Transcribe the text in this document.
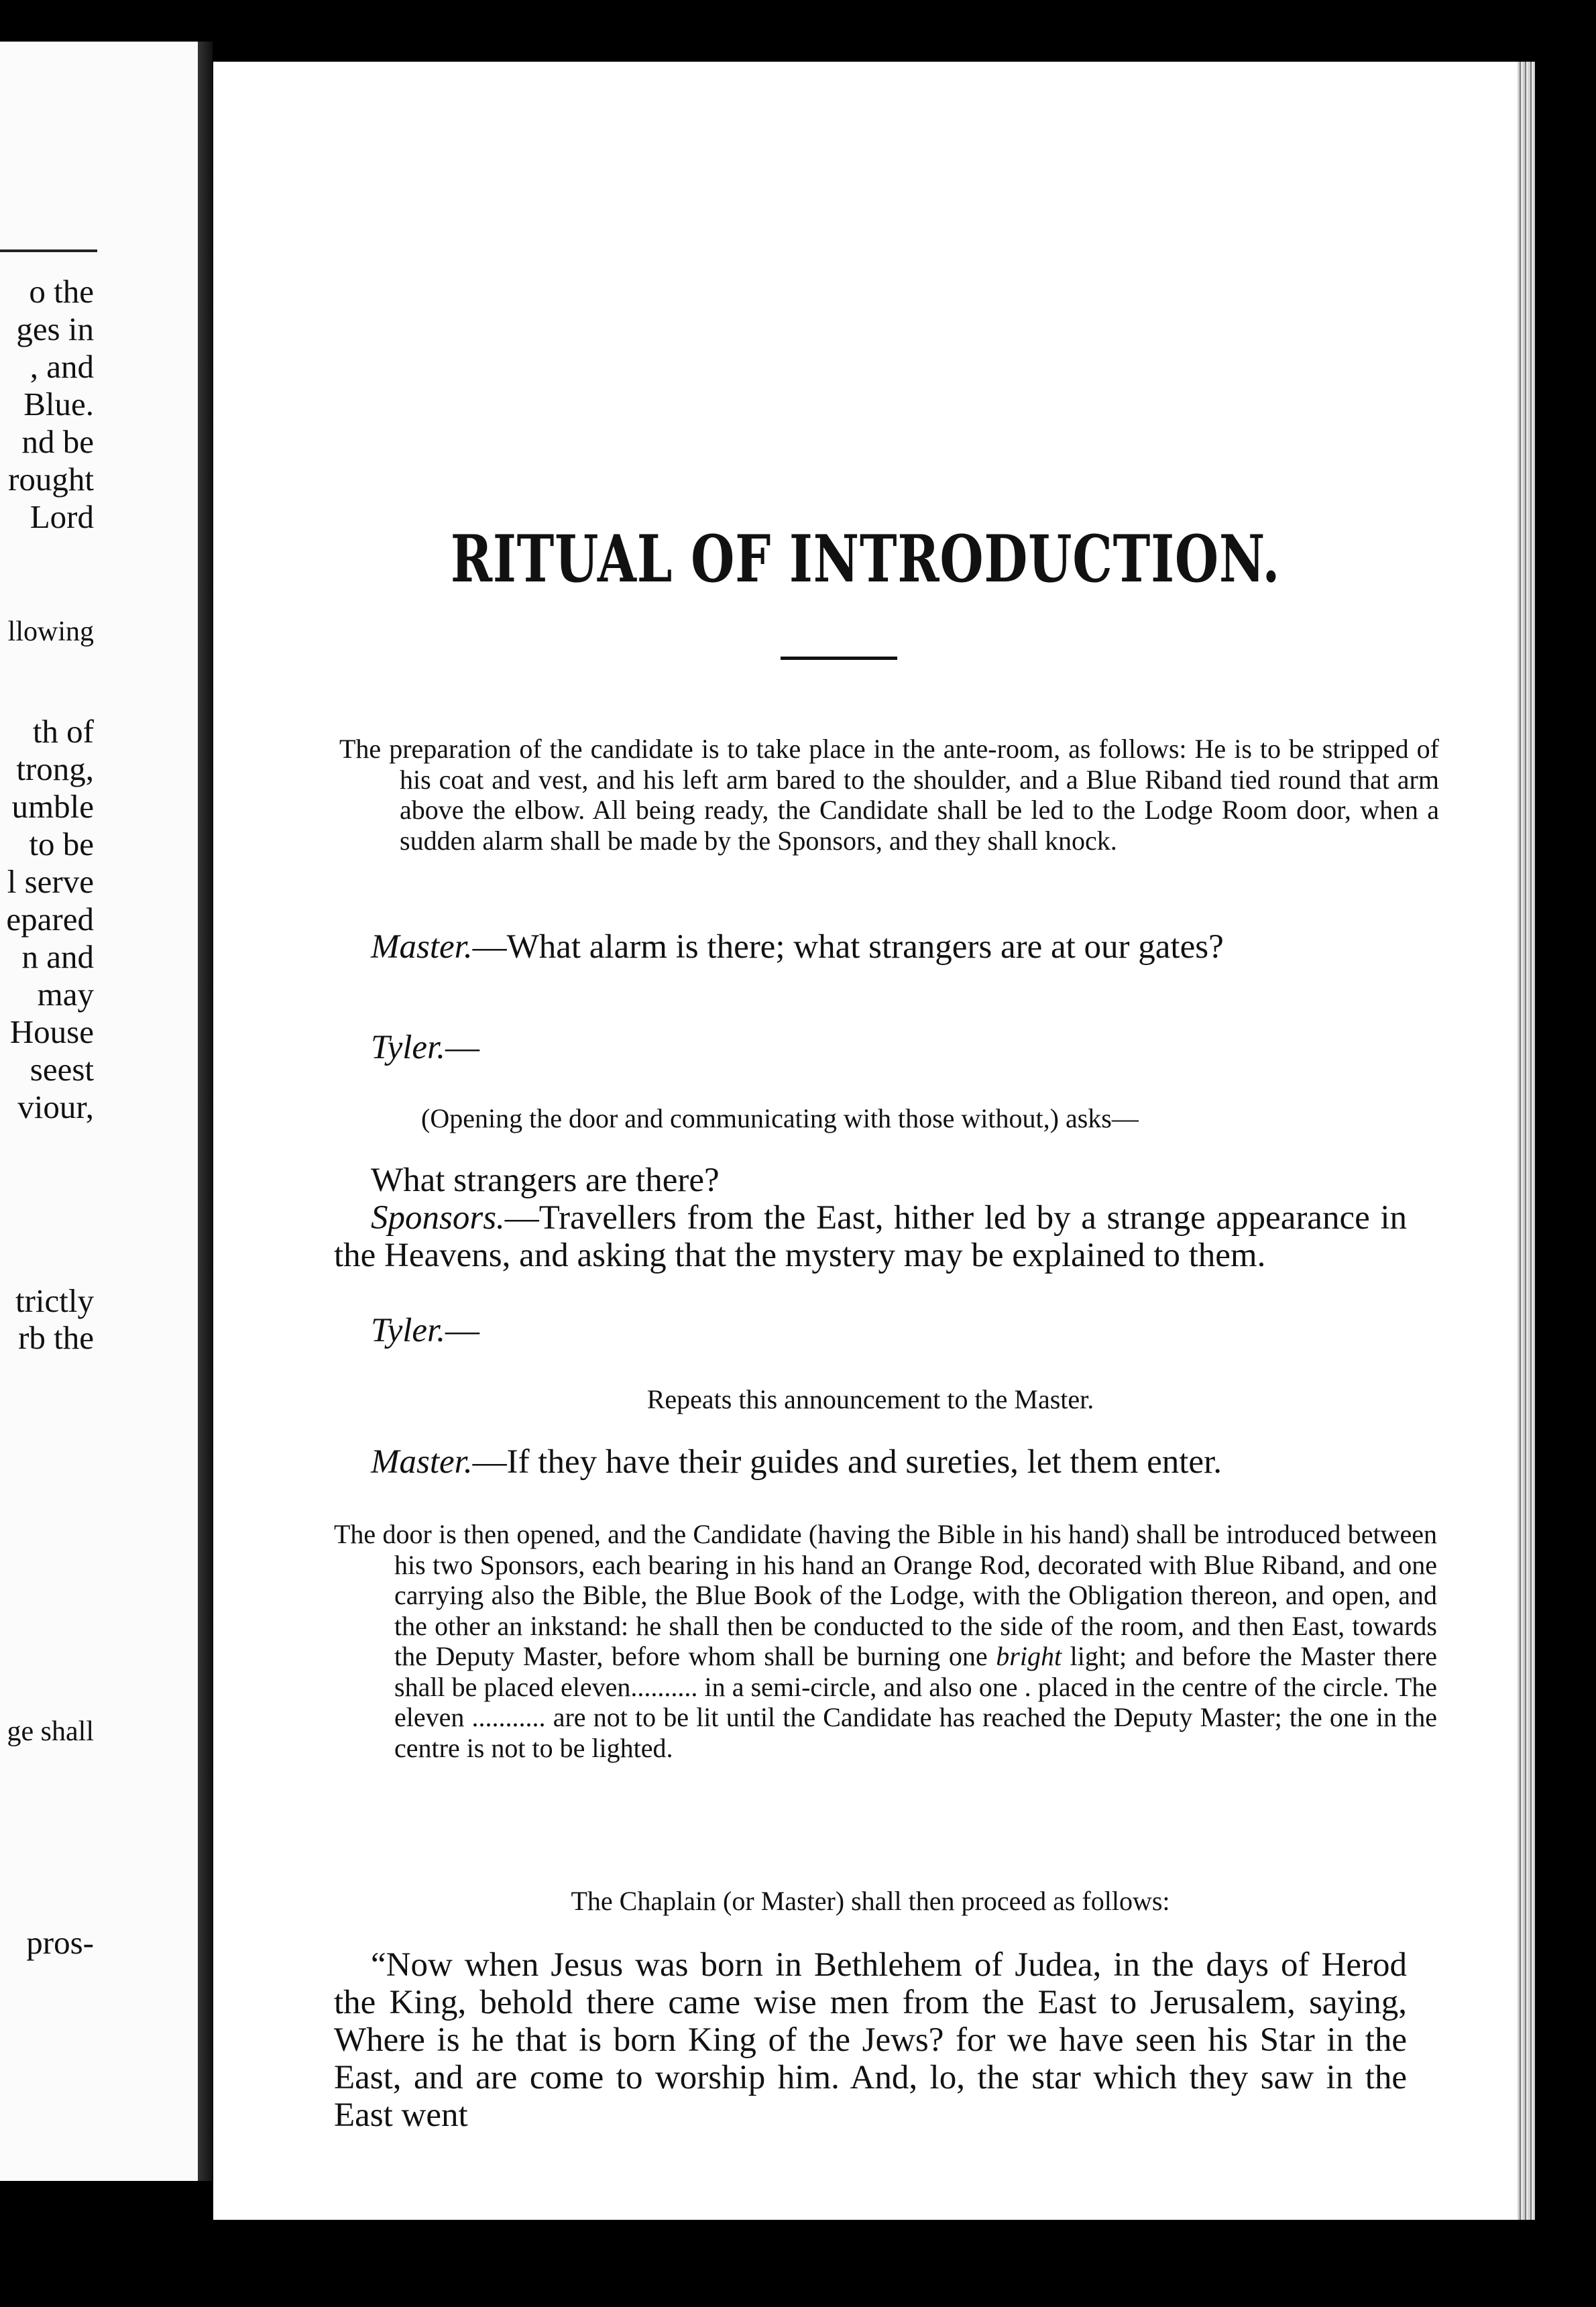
o the
ges in
, and
Blue.
nd be
rought
Lord
llowing
th of
trong,
umble
to be
l serve
epared
n and
may
House
seest
viour,
trictly
rb the
ge shall
pros-
RITUAL OF INTRODUCTION.

The preparation of the candidate is to take place in the ante-room, as follows: He is to be stripped of his coat and vest, and his left arm bared to the shoulder, and a Blue Riband tied round that arm above the elbow. All being ready, the Candidate shall be led to the Lodge Room door, when a sudden alarm shall be made by the Sponsors, and they shall knock.

Master.—What alarm is there; what strangers are at our gates?

Tyler.—

(Opening the door and communicating with those without,) asks—

What strangers are there?

Sponsors.—Travellers from the East, hither led by a strange appearance in the Heavens, and asking that the mystery may be explained to them.

Tyler.—

Repeats this announcement to the Master.

Master.—If they have their guides and sureties, let them enter.

The door is then opened, and the Candidate (having the Bible in his hand) shall be introduced between his two Sponsors, each bearing in his hand an Orange Rod, decorated with Blue Riband, and one carrying also the Bible, the Blue Book of the Lodge, with the Obligation thereon, and open, and the other an inkstand: he shall then be conducted to the side of the room, and then East, towards the Deputy Master, before whom shall be burning one bright light; and before the Master there shall be placed eleven.......... in a semi-circle, and also one . placed in the centre of the circle. The eleven ........... are not to be lit until the Candidate has reached the Deputy Master; the one in the centre is not to be lighted.

The Chaplain (or Master) shall then proceed as follows:

“Now when Jesus was born in Bethlehem of Judea, in the days of Herod the King, behold there came wise men from the East to Jerusalem, saying, Where is he that is born King of the Jews? for we have seen his Star in the East, and are come to worship him. And, lo, the star which they saw in the East went
